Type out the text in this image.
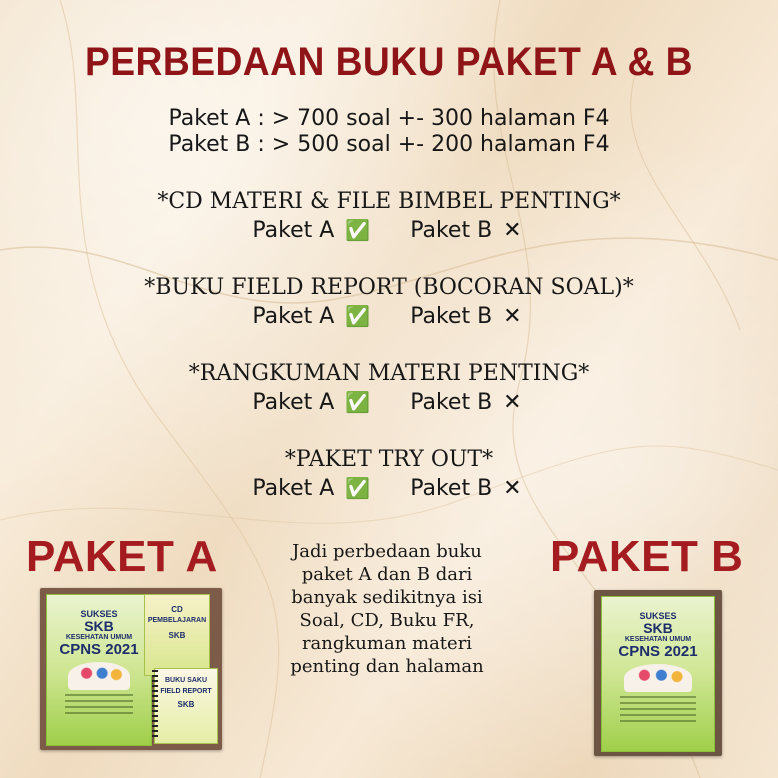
PERBEDAAN BUKU PAKET A & B
Paket A : > 700 soal +- 300 halaman F4
Paket B : > 500 soal +- 200 halaman F4
*CD MATERI & FILE BIMBEL PENTING*
Paket A ✅ Paket B ✕
*BUKU FIELD REPORT (BOCORAN SOAL)*
Paket A ✅ Paket B ✕
*RANGKUMAN MATERI PENTING*
Paket A ✅ Paket B ✕
*PAKET TRY OUT*
Paket A ✅ Paket B ✕
PAKET A	PAKET B
Jadi perbedaan buku
paket A dan B dari
banyak sedikitnya isi
Soal, CD, Buku FR,
rangkuman materi
penting dan halaman
SUKSES
SKB
KESEHATAN UMUM
CPNS 2021
CD
PEMBELAJARAN
SKB
BUKU SAKU
FIELD REPORT
SKB
SUKSES
SKB
KESEHATAN UMUM
CPNS 2021
